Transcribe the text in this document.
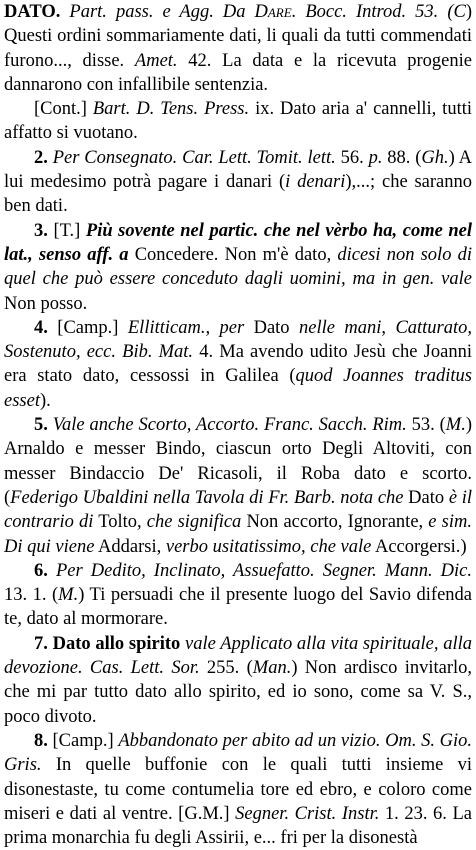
DATO. Part. pass. e Agg. Da Dare. Bocc. Introd. 53. (C) Questi ordini sommariamente dati, li quali da tutti commendati furono..., disse. Amet. 42. La data e la ricevuta progenie dannarono con infallibile sentenzia.

[Cont.] Bart. D. Tens. Press. ix. Dato aria a' cannelli, tutti affatto si vuotano.

2. Per Consegnato. Car. Lett. Tomit. lett. 56. p. 88. (Gh.) A lui medesimo potrà pagare i danari (i denari),...; che saranno ben dati.

3. [T.] Più sovente nel partic. che nel vèrbo ha, come nel lat., senso aff. a Concedere. Non m'è dato, dicesi non solo di quel che può essere conceduto dagli uomini, ma in gen. vale Non posso.

4. [Camp.] Ellitticam., per Dato nelle mani, Catturato, Sostenuto, ecc. Bib. Mat. 4. Ma avendo udito Jesù che Joanni era stato dato, cessossi in Galilea (quod Joannes traditus esset).

5. Vale anche Scorto, Accorto. Franc. Sacch. Rim. 53. (M.) Arnaldo e messer Bindo, ciascun orto Degli Altoviti, con messer Bindaccio De' Ricasoli, il Roba dato e scorto. (Federigo Ubaldini nella Tavola di Fr. Barb. nota che Dato è il contrario di Tolto, che significa Non accorto, Ignorante, e sim. Di qui viene Addarsi, verbo usitatissimo, che vale Accorgersi.)

6. Per Dedito, Inclinato, Assuefatto. Segner. Mann. Dic. 13. 1. (M.) Ti persuadi che il presente luogo del Savio difenda te, dato al mormorare.

7. Dato allo spirito vale Applicato alla vita spirituale, alla devozione. Cas. Lett. Sor. 255. (Man.) Non ardisco invitarlo, che mi par tutto dato allo spirito, ed io sono, come sa V. S., poco divoto.

8. [Camp.] Abbandonato per abito ad un vizio. Om. S. Gio. Gris. In quelle buffonie con le quali tutti insieme vi disonestaste, tu come contumelia tore ed ebro, e coloro come miseri e dati al ventre. [G.M.] Segner. Crist. Instr. 1. 23. 6. La prima monarchia fu degli Assirii, e... fri per la disonestà
